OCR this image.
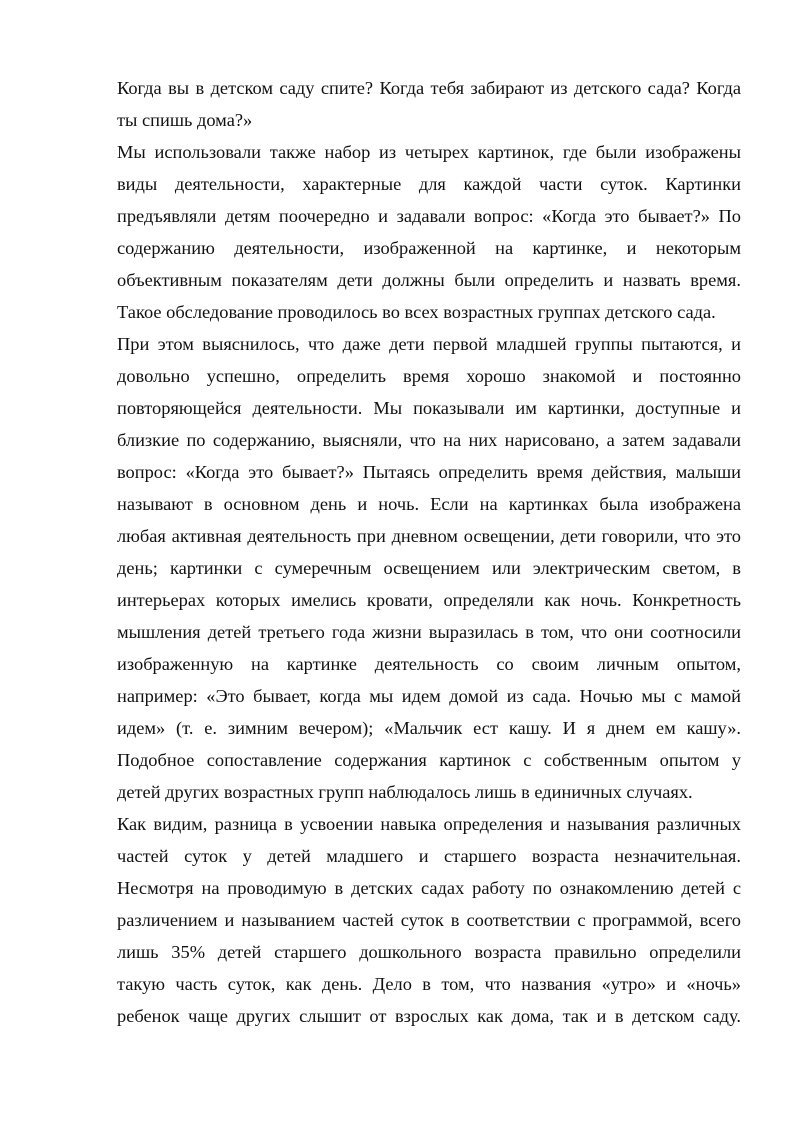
Когда вы в детском саду спите? Когда тебя забирают из детского сада? Когда
ты спишь дома?»

Мы использовали также набор из четырех картинок, где были изображены
виды деятельности, характерные для каждой части суток. Картинки
предъявляли детям поочередно и задавали вопрос: «Когда это бывает?» По
содержанию деятельности, изображенной на картинке, и некоторым
объективным показателям дети должны были определить и назвать время.
Такое обследование проводилось во всех возрастных группах детского сада.

При этом выяснилось, что даже дети первой младшей группы пытаются, и
довольно успешно, определить время хорошо знакомой и постоянно
повторяющейся деятельности. Мы показывали им картинки, доступные и
близкие по содержанию, выясняли, что на них нарисовано, а затем задавали
вопрос: «Когда это бывает?» Пытаясь определить время действия, малыши
называют в основном день и ночь. Если на картинках была изображена
любая активная деятельность при дневном освещении, дети говорили, что это
день; картинки с сумеречным освещением или электрическим светом, в
интерьерах которых имелись кровати, определяли как ночь. Конкретность
мышления детей третьего года жизни выразилась в том, что они соотносили
изображенную на картинке деятельность со своим личным опытом,
например: «Это бывает, когда мы идем домой из сада. Ночью мы с мамой
идем» (т. е. зимним вечером); «Мальчик ест кашу. И я днем ем кашу».
Подобное сопоставление содержания картинок с собственным опытом у
детей других возрастных групп наблюдалось лишь в единичных случаях.

Как видим, разница в усвоении навыка определения и называния различных
частей суток у детей младшего и старшего возраста незначительная.
Несмотря на проводимую в детских садах работу по ознакомлению детей с
различением и называнием частей суток в соответствии с программой, всего
лишь 35% детей старшего дошкольного возраста правильно определили
такую часть суток, как день. Дело в том, что названия «утро» и «ночь»
ребенок чаще других слышит от взрослых как дома, так и в детском саду.
